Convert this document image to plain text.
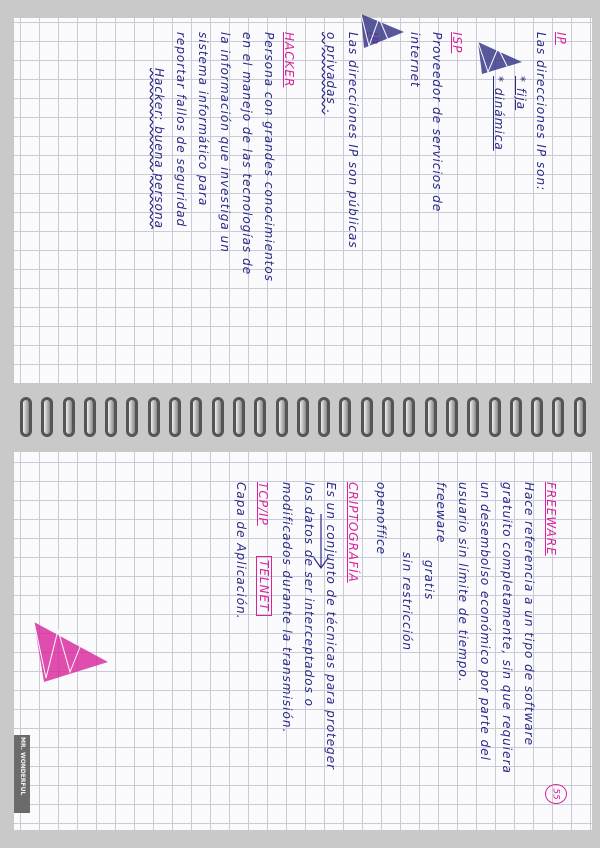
IP
Las direcciones IP son:
* fija
* dinámica
ISP
Proveedor de servicios de
internet
Las direcciones IP son públicas
o privadas .
HACKER
Persona con grandes conocimientos
en el manejo de las tecnologías de
la información que investiga un
sistema informático para
reportar fallos de seguridad
Hacker: buena persona
FREEWARE
Hace referencia a un tipo de software
gratuito completamente, sin que requiera
un desembolso económico por parte del
usuario sin límite de tiempo.
freeware
gratis
sin restricción
openoffice
CRIPTOGRAFÍA
Es un conjunto de técnicas para proteger
los datos de ser interceptados o
modificados durante la transmisión.
TCP/IP
TELNET
Capa de Aplicación.
MR. WONDERFUL	55
